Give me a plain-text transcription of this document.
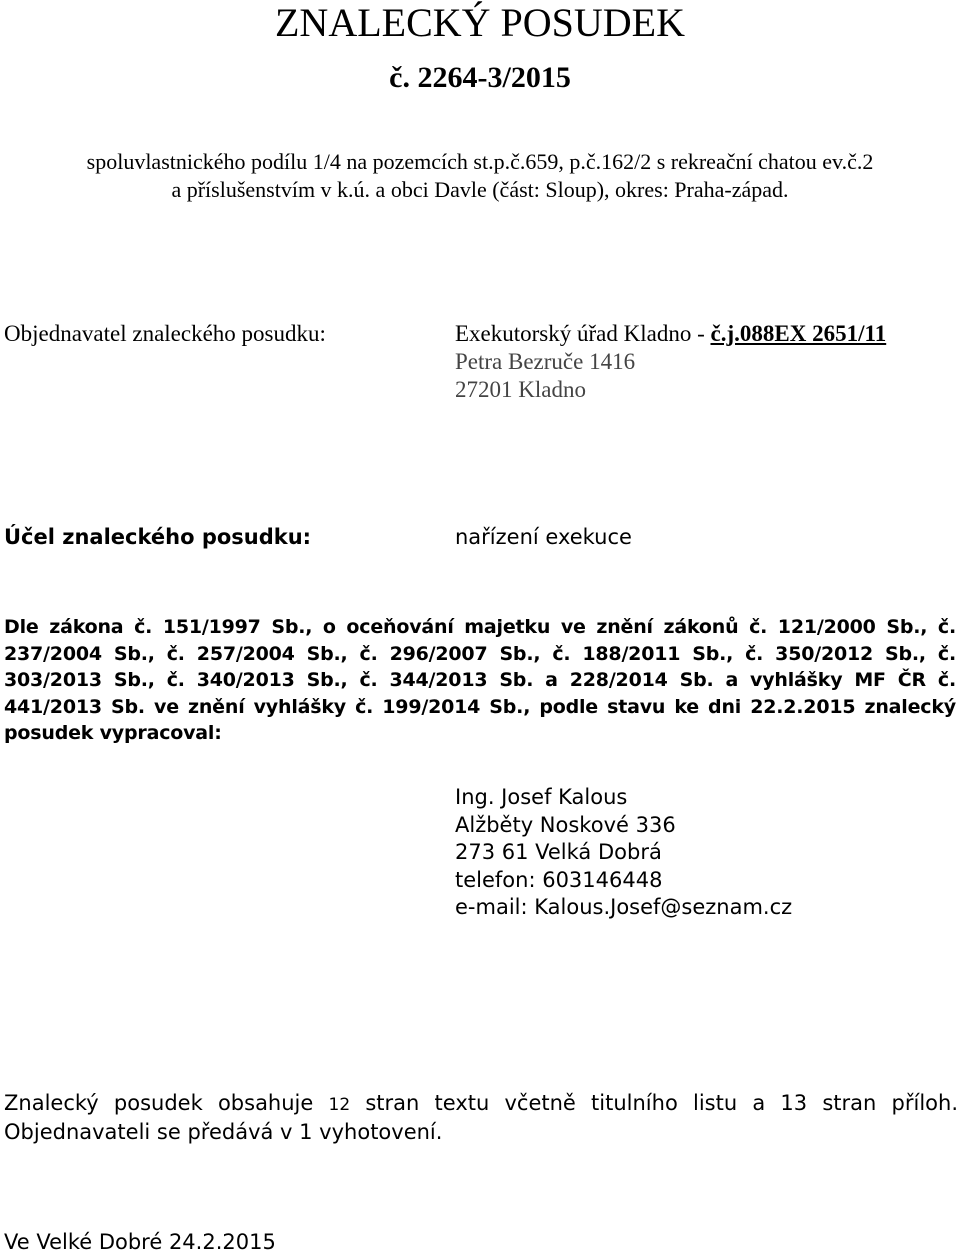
ZNALECKÝ POSUDEK
č. 2264-3/2015
spoluvlastnického podílu 1/4 na pozemcích st.p.č.659, p.č.162/2 s rekreační chatou ev.č.2
a příslušenstvím v k.ú. a obci Davle (část: Sloup), okres: Praha-západ.
Objednavatel znaleckého posudku:	Exekutorský úřad Kladno - č.j.088EX 2651/11
Petra Bezruče 1416
27201 Kladno
Účel znaleckého posudku:	nařízení exekuce
Dle zákona č. 151/1997 Sb., o oceňování majetku ve znění zákonů č. 121/2000 Sb., č. 237/2004 Sb., č. 257/2004 Sb., č. 296/2007 Sb., č. 188/2011 Sb., č. 350/2012 Sb., č. 303/2013 Sb., č. 340/2013 Sb., č. 344/2013 Sb. a 228/2014 Sb. a vyhlášky MF ČR č. 441/2013 Sb. ve znění vyhlášky č. 199/2014 Sb., podle stavu ke dni 22.2.2015 znalecký posudek vypracoval:
Ing. Josef Kalous
Alžběty Noskové 336
273 61 Velká Dobrá
telefon: 603146448
e-mail: Kalous.Josef@seznam.cz
Znalecký posudek obsahuje 12 stran textu včetně titulního listu a 13 stran příloh. Objednavateli se předává v 1 vyhotovení.
Ve Velké Dobré 24.2.2015
